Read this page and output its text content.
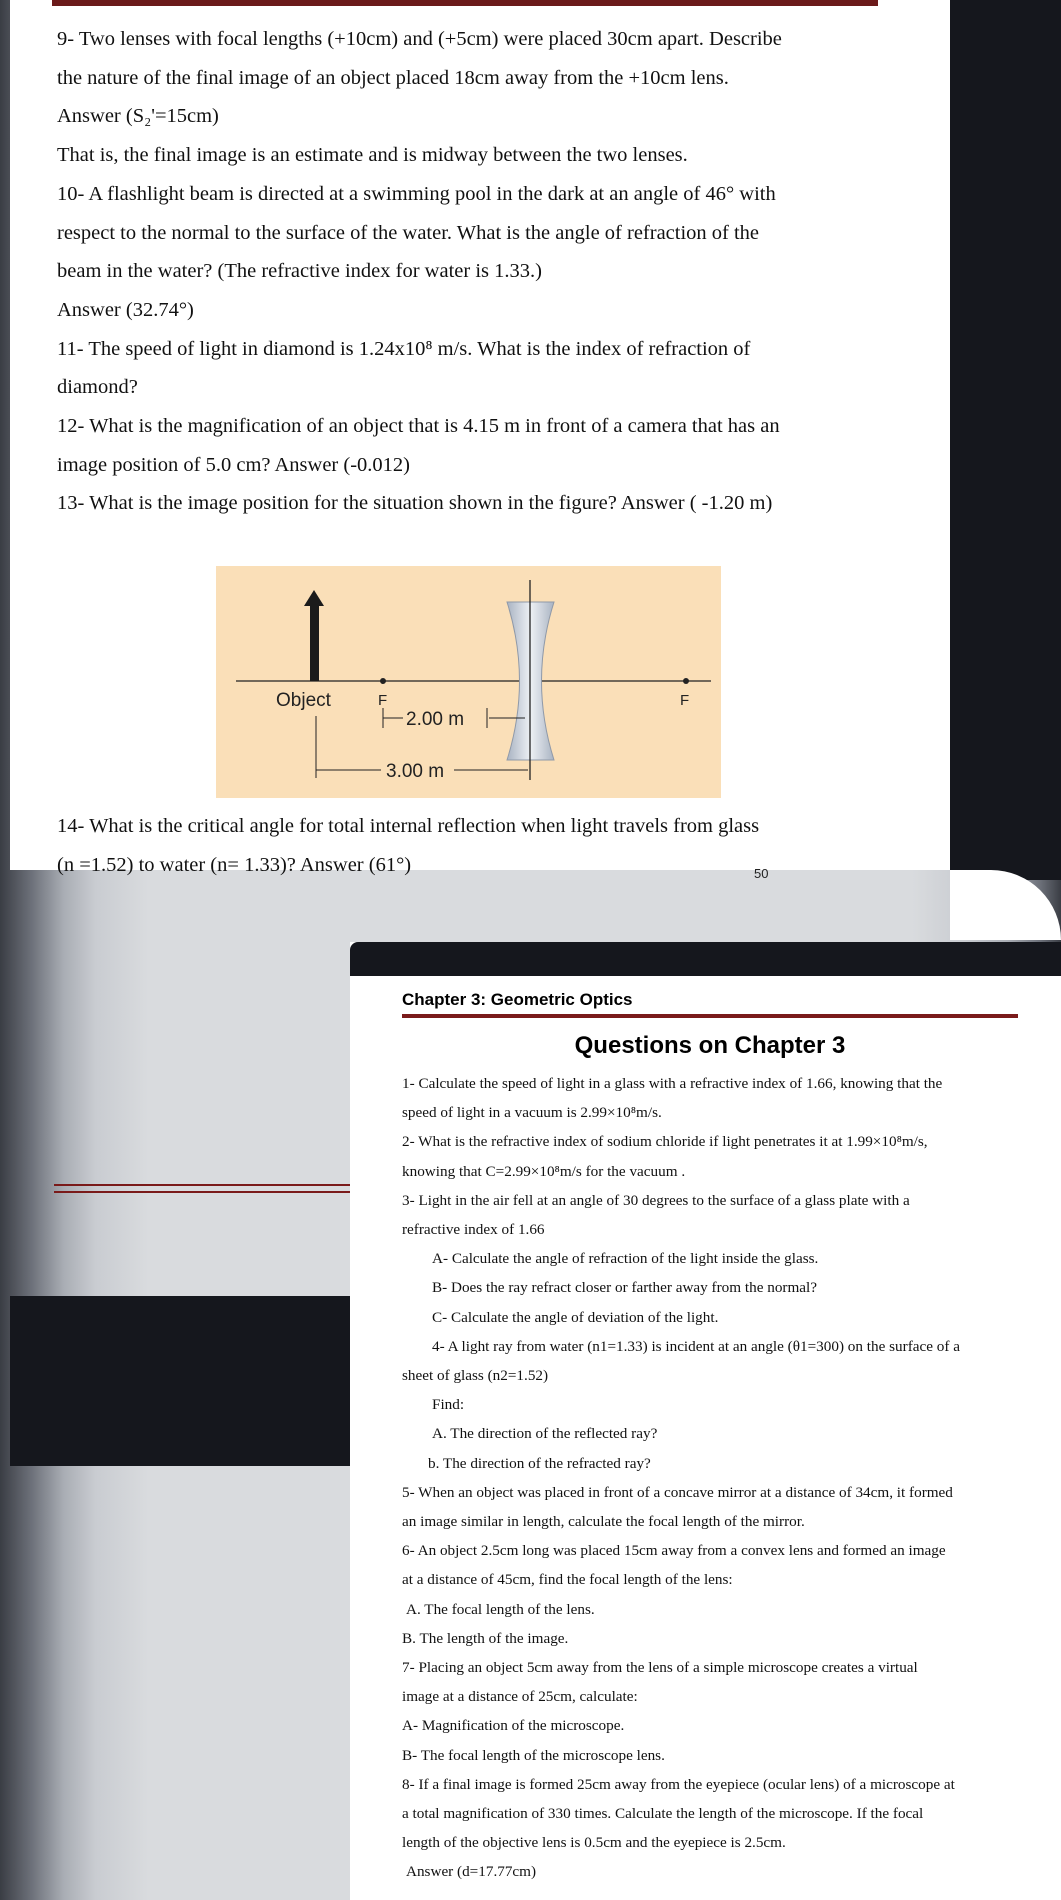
9- Two lenses with focal lengths (+10cm) and (+5cm) were placed 30cm apart. Describe

the nature of the final image of an object placed 18cm away from the +10cm lens.

Answer (S₂'=15cm)

That is, the final image is an estimate and is midway between the two lenses.

10- A flashlight beam is directed at a swimming pool in the dark at an angle of 46° with

respect to the normal to the surface of the water. What is the angle of refraction of the

beam in the water? (The refractive index for water is 1.33.)

Answer (32.74°)

11- The speed of light in diamond is 1.24x10⁸ m/s. What is the index of refraction of

diamond?

12- What is the magnification of an object that is 4.15 m in front of a camera that has an

image position of 5.0 cm? Answer (-0.012)

13- What is the image position for the situation shown in the figure? Answer ( -1.20 m)

Object	F	F
2.00 m
3.00 m

14- What is the critical angle for total internal reflection when light travels from glass

(n =1.52) to water (n= 1.33)? Answer (61°)	50
Chapter 3: Geometric Optics
Questions on Chapter 3

1- Calculate the speed of light in a glass with a refractive index of 1.66, knowing that the

speed of light in a vacuum is 2.99×10⁸m/s.

2- What is the refractive index of sodium chloride if light penetrates it at 1.99×10⁸m/s,

knowing that C=2.99×10⁸m/s for the vacuum .

3- Light in the air fell at an angle of 30 degrees to the surface of a glass plate with a

refractive index of 1.66

A- Calculate the angle of refraction of the light inside the glass.

B- Does the ray refract closer or farther away from the normal?

C- Calculate the angle of deviation of the light.

4- A light ray from water (n1=1.33) is incident at an angle (θ1=300) on the surface of a

sheet of glass (n2=1.52)

Find:

A. The direction of the reflected ray?

b. The direction of the refracted ray?

5- When an object was placed in front of a concave mirror at a distance of 34cm, it formed

an image similar in length, calculate the focal length of the mirror.

6- An object 2.5cm long was placed 15cm away from a convex lens and formed an image

at a distance of 45cm, find the focal length of the lens:

A. The focal length of the lens.

B. The length of the image.

7- Placing an object 5cm away from the lens of a simple microscope creates a virtual

image at a distance of 25cm, calculate:

A- Magnification of the microscope.

B- The focal length of the microscope lens.

8- If a final image is formed 25cm away from the eyepiece (ocular lens) of a microscope at

a total magnification of 330 times. Calculate the length of the microscope. If the focal

length of the objective lens is 0.5cm and the eyepiece is 2.5cm.

Answer (d=17.77cm)
